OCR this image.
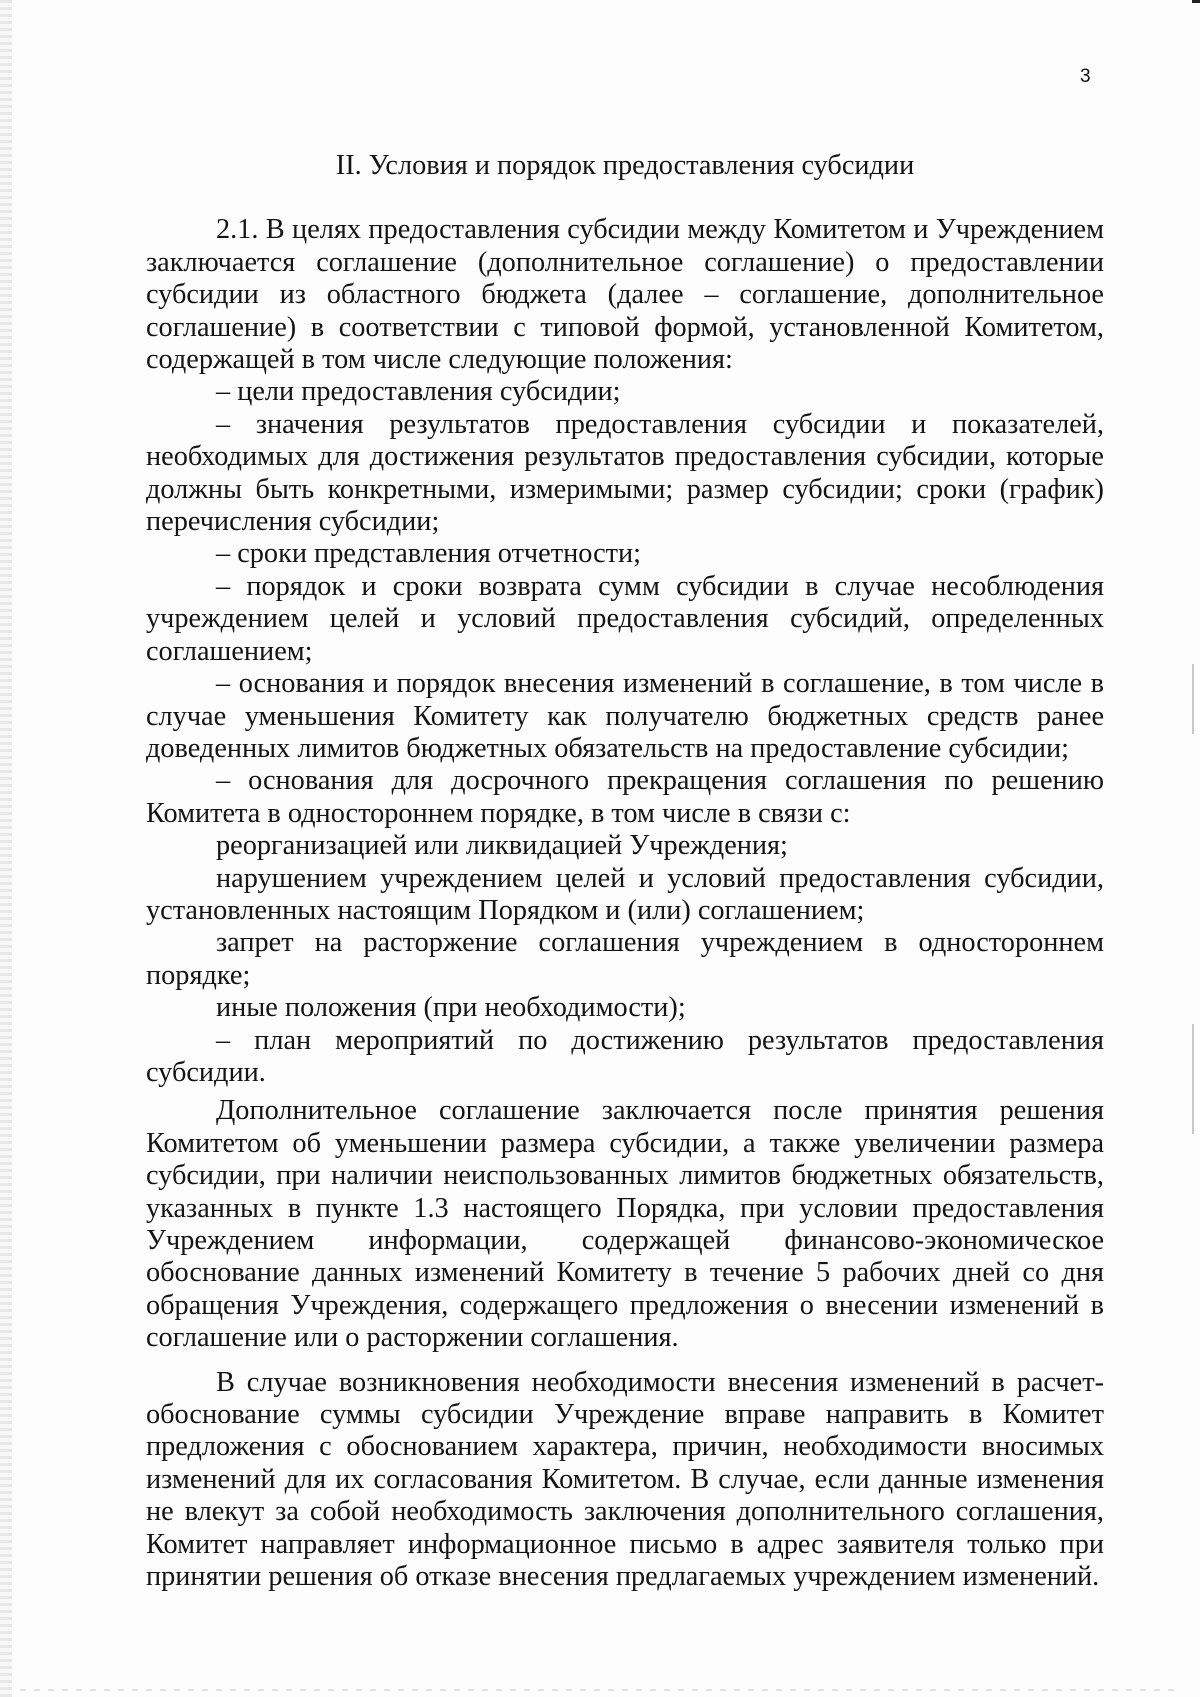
3
II. Условия и порядок предоставления субсидии

2.1. В целях предоставления субсидии между Комитетом и Учреждением заключается соглашение (дополнительное соглашение) о предоставлении субсидии из областного бюджета (далее – соглашение, дополнительное соглашение) в соответствии с типовой формой, установленной Комитетом, содержащей в том числе следующие положения:

– цели предоставления субсидии;

– значения результатов предоставления субсидии и показателей, необходимых для достижения результатов предоставления субсидии, которые должны быть конкретными, измеримыми; размер субсидии; сроки (график) перечисления субсидии;

– сроки представления отчетности;

– порядок и сроки возврата сумм субсидии в случае несоблюдения учреждением целей и условий предоставления субсидий, определенных соглашением;

– основания и порядок внесения изменений в соглашение, в том числе в случае уменьшения Комитету как получателю бюджетных средств ранее доведенных лимитов бюджетных обязательств на предоставление субсидии;

– основания для досрочного прекращения соглашения по решению Комитета в одностороннем порядке, в том числе в связи с:

реорганизацией или ликвидацией Учреждения;

нарушением учреждением целей и условий предоставления субсидии, установленных настоящим Порядком и (или) соглашением;

запрет на расторжение соглашения учреждением в одностороннем порядке;

иные положения (при необходимости);

– план мероприятий по достижению результатов предоставления субсидии.

Дополнительное соглашение заключается после принятия решения Комитетом об уменьшении размера субсидии, а также увеличении размера субсидии, при наличии неиспользованных лимитов бюджетных обязательств, указанных в пункте 1.3 настоящего Порядка, при условии предоставления Учреждением информации, содержащей финансово-экономическое обоснование данных изменений Комитету в течение 5 рабочих дней со дня обращения Учреждения, содержащего предложения о внесении изменений в соглашение или о расторжении соглашения.

В случае возникновения необходимости внесения изменений в расчет-обоснование суммы субсидии Учреждение вправе направить в Комитет предложения с обоснованием характера, причин, необходимости вносимых изменений для их согласования Комитетом. В случае, если данные изменения не влекут за собой необходимость заключения дополнительного соглашения, Комитет направляет информационное письмо в адрес заявителя только при принятии решения об отказе внесения предлагаемых учреждением изменений.
